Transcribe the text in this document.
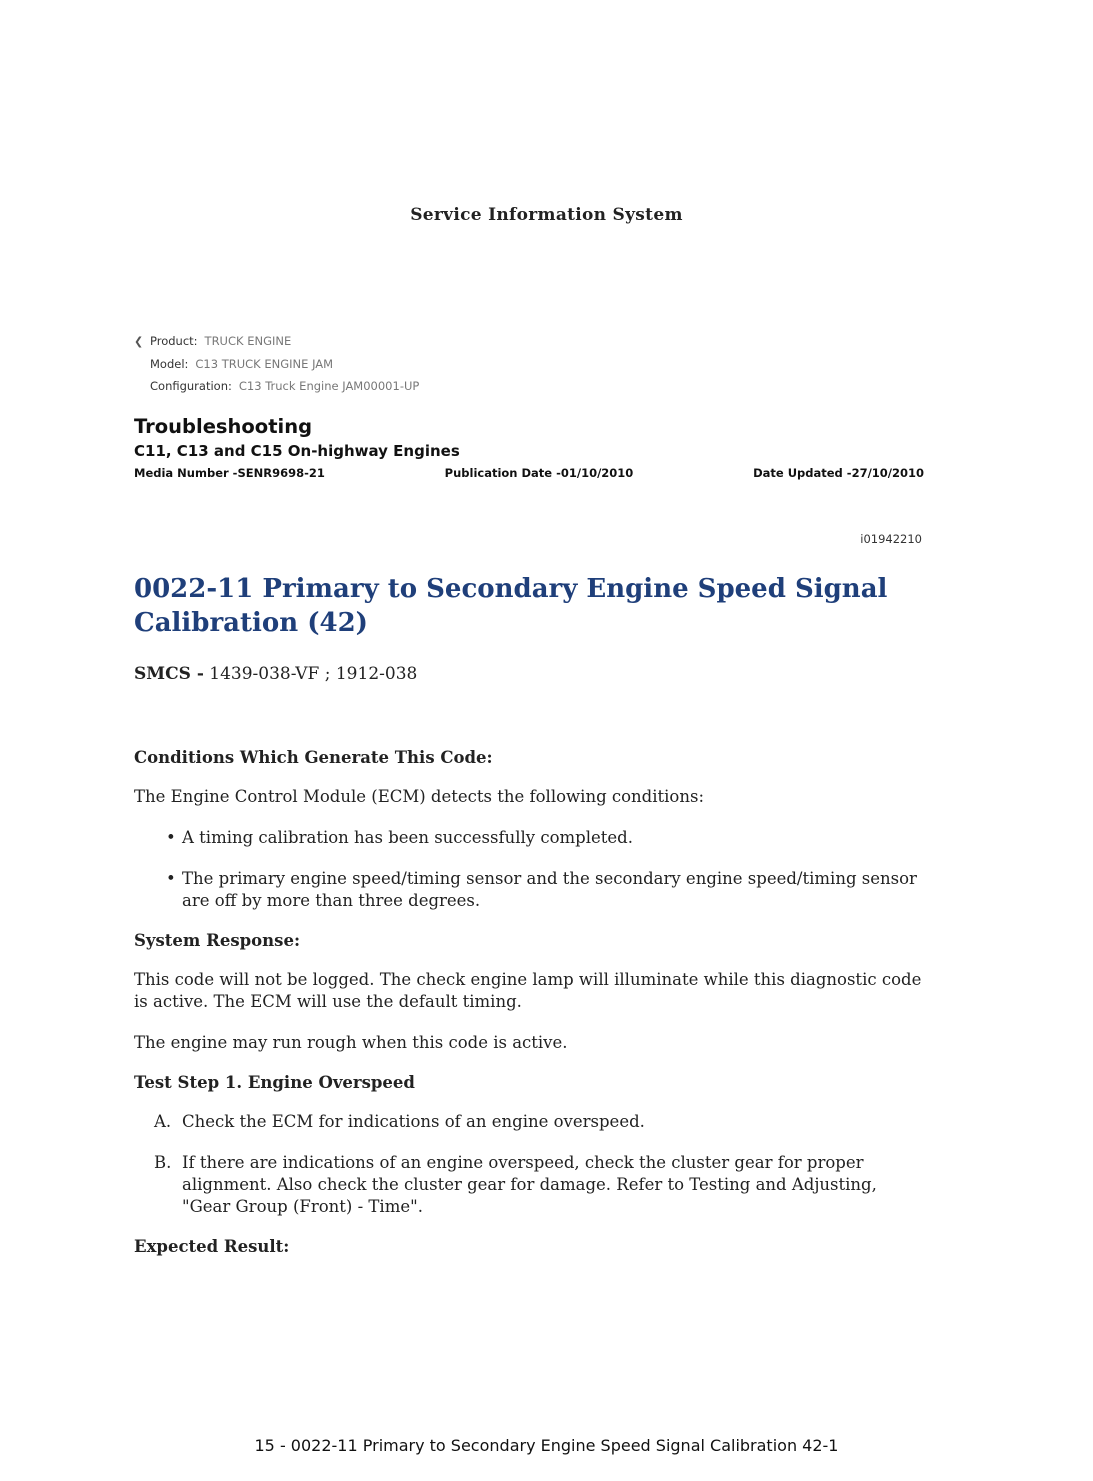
Service Information System
❮ Product: TRUCK ENGINE
Model: C13 TRUCK ENGINE JAM
Configuration: C13 Truck Engine JAM00001-UP
Troubleshooting
C11, C13 and C15 On-highway Engines
Media Number -SENR9698-21	Publication Date -01/10/2010	Date Updated -27/10/2010
i01942210
0022-11 Primary to Secondary Engine Speed Signal Calibration (42)
SMCS - 1439-038-VF ; 1912-038
Conditions Which Generate This Code:

The Engine Control Module (ECM) detects the following conditions:

• A timing calibration has been successfully completed.
• The primary engine speed/timing sensor and the secondary engine speed/timing sensor are off by more than three degrees.
System Response:

This code will not be logged. The check engine lamp will illuminate while this diagnostic code is active. The ECM will use the default timing.

The engine may run rough when this code is active.

Test Step 1. Engine Overspeed
A. Check the ECM for indications of an engine overspeed.
B. If there are indications of an engine overspeed, check the cluster gear for proper alignment. Also check the cluster gear for damage. Refer to Testing and Adjusting, "Gear Group (Front) - Time".
Expected Result:
15 - 0022-11 Primary to Secondary Engine Speed Signal Calibration 42-1
